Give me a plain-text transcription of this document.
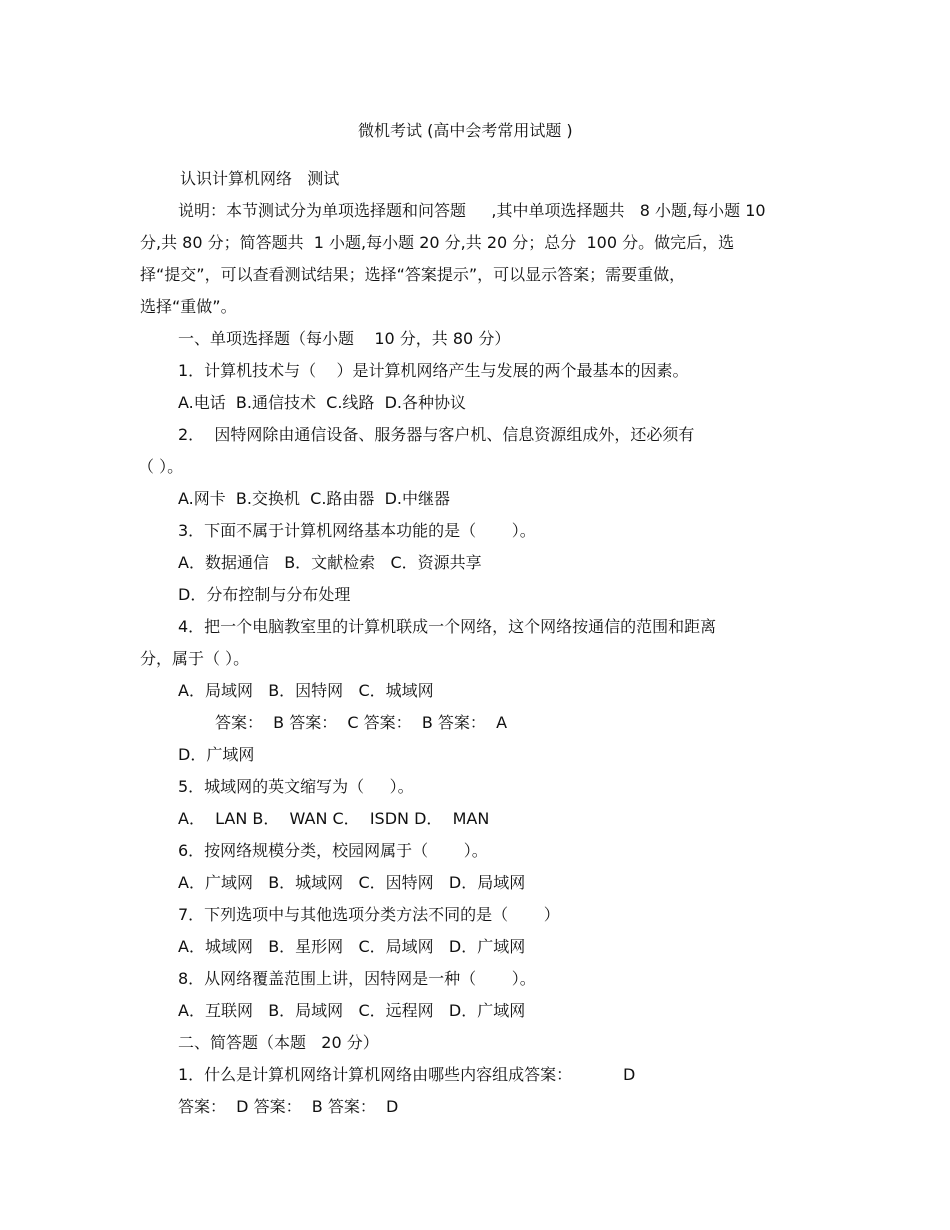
微机考试 (高中会考常用试题 )
认识计算机网络   测试
说明：本节测试分为单项选择题和问答题     ,其中单项选择题共   8 小题,每小题 10
分,共 80 分；简答题共  1 小题,每小题 20 分,共 20 分；总分  100 分。做完后，选
择“提交”，可以查看测试结果；选择“答案提示”，可以显示答案；需要重做，
选择“重做”。
一、单项选择题（每小题    10 分，共 80 分）
1．计算机技术与（    ）是计算机网络产生与发展的两个最基本的因素。
A.电话  B.通信技术  C.线路  D.各种协议
2．  因特网除由通信设备、服务器与客户机、信息资源组成外，还必须有
（ ）。
A.网卡  B.交换机  C.路由器  D.中继器
3．下面不属于计算机网络基本功能的是（       ）。
A．数据通信   B．文献检索   C．资源共享
D．分布控制与分布处理
4．把一个电脑教室里的计算机联成一个网络，这个网络按通信的范围和距离
分，属于（ ）。
A．局域网   B．因特网   C．城域网
答案：  B 答案：  C 答案：  B 答案：  A
D．广域网
5．城域网的英文缩写为（     ）。
A．  LAN B．  WAN C．  ISDN D．  MAN
6．按网络规模分类，校园网属于（       ）。
A．广域网   B．城域网   C．因特网   D．局域网
7．下列选项中与其他选项分类方法不同的是（       ）
A．城域网   B．星形网   C．局域网   D．广域网
8．从网络覆盖范围上讲，因特网是一种（       ）。
A．互联网   B．局域网   C．远程网   D．广域网
二、简答题（本题   20 分）
1．什么是计算机网络计算机网络由哪些内容组成答案：          D
答案：  D 答案：  B 答案：  D
